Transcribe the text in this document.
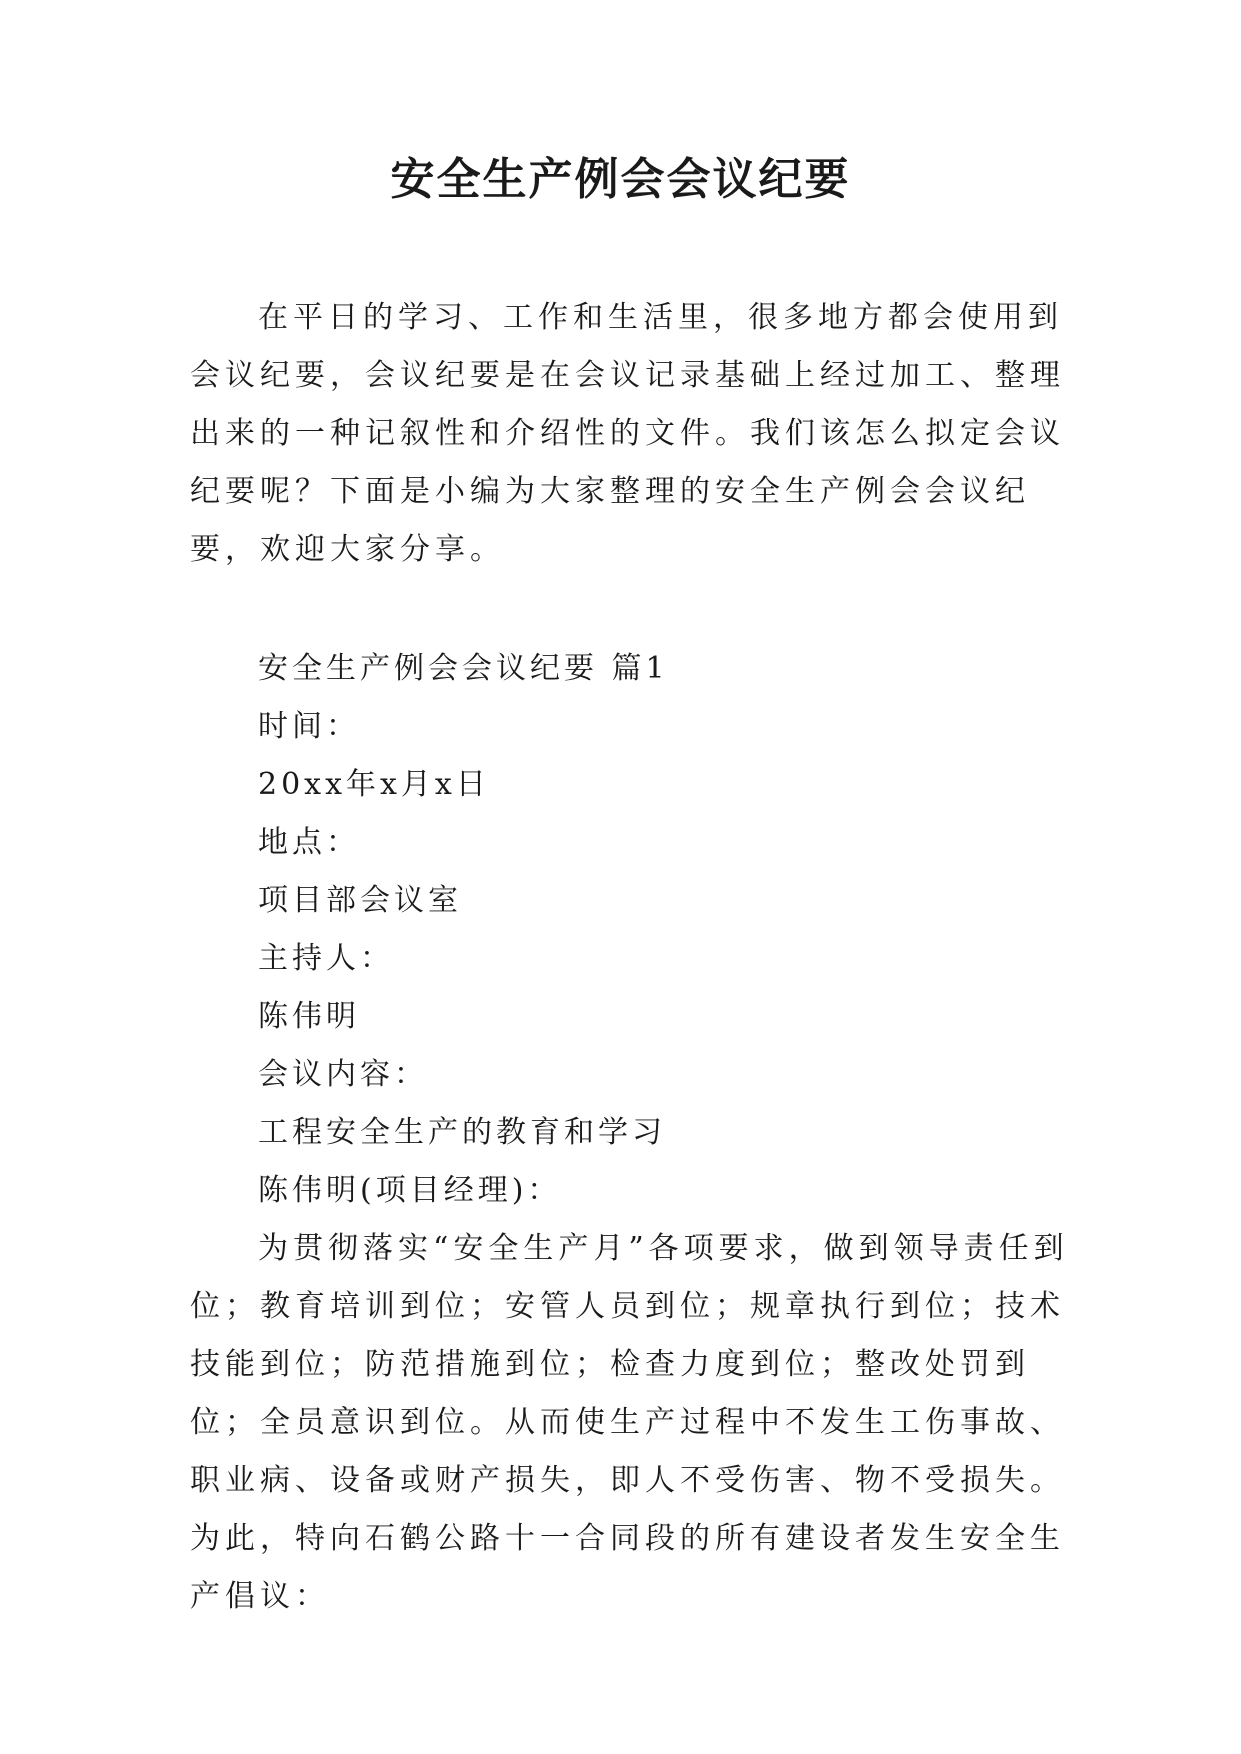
安全生产例会会议纪要

在平日的学习、工作和生活里，很多地方都会使用到会议纪要，会议纪要是在会议记录基础上经过加工、整理出来的一种记叙性和介绍性的文件。我们该怎么拟定会议纪要呢？下面是小编为大家整理的安全生产例会会议纪要，欢迎大家分享。

安全生产例会会议纪要 篇1
时间：
20xx年x月x日
地点：
项目部会议室
主持人：
陈伟明
会议内容：
工程安全生产的教育和学习
陈伟明(项目经理)：

为贯彻落实“安全生产月”各项要求，做到领导责任到位；教育培训到位；安管人员到位；规章执行到位；技术技能到位；防范措施到位；检查力度到位；整改处罚到位；全员意识到位。从而使生产过程中不发生工伤事故、职业病、设备或财产损失，即人不受伤害、物不受损失。为此，特向石鹤公路十一合同段的所有建设者发生安全生产倡议：
